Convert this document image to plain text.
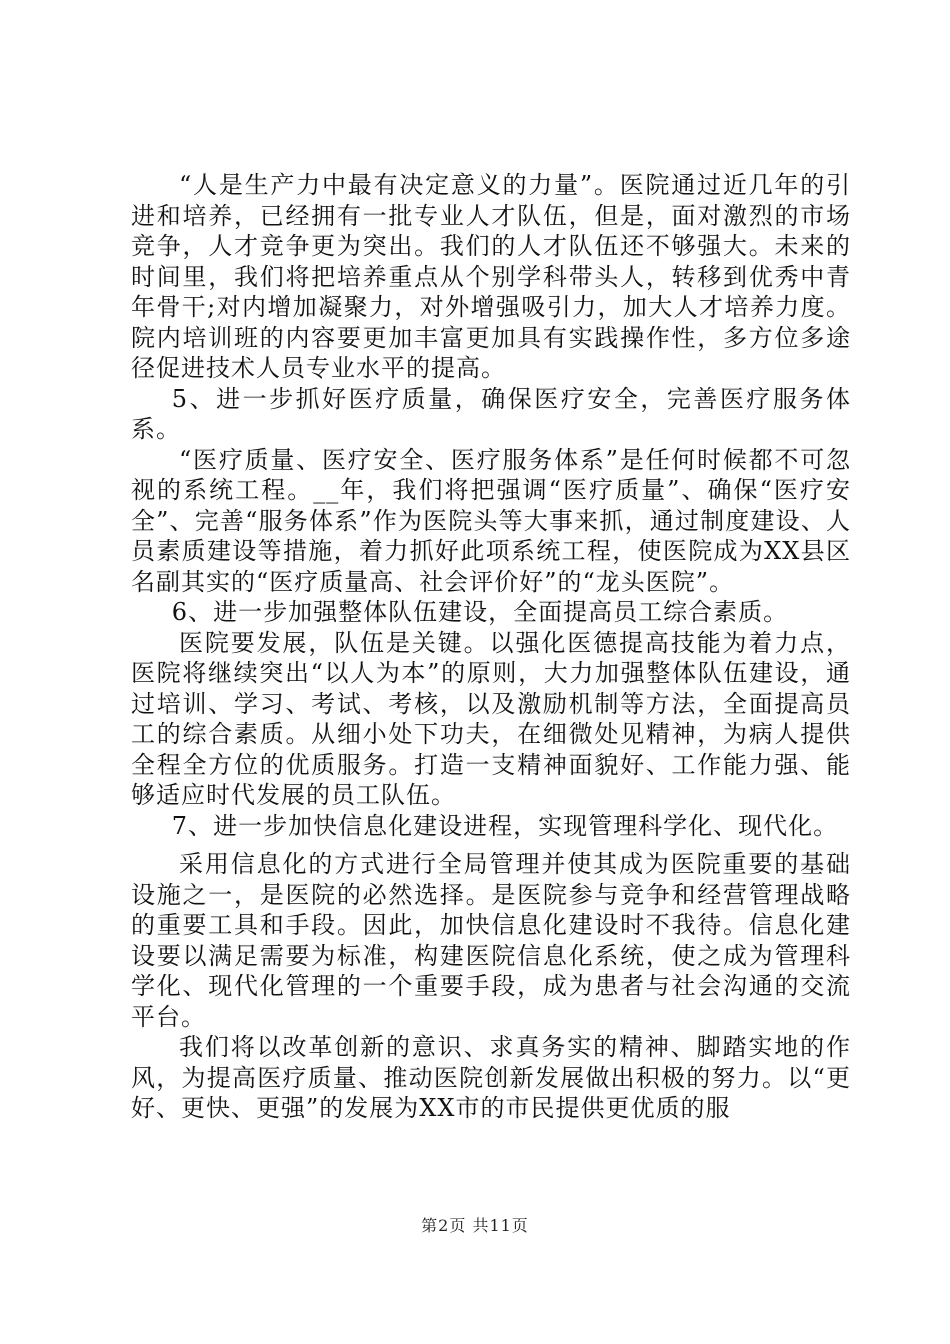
“人是生产力中最有决定意义的力量”。医院通过近几年的引进和培养，已经拥有一批专业人才队伍，但是，面对激烈的市场竞争，人才竞争更为突出。我们的人才队伍还不够强大。未来的时间里，我们将把培养重点从个别学科带头人，转移到优秀中青年骨干;对内增加凝聚力，对外增强吸引力，加大人才培养力度。院内培训班的内容要更加丰富更加具有实践操作性，多方位多途径促进技术人员专业水平的提高。

5、进一步抓好医疗质量，确保医疗安全，完善医疗服务体系。

“医疗质量、医疗安全、医疗服务体系”是任何时候都不可忽视的系统工程。__年，我们将把强调“医疗质量”、确保“医疗安全”、完善“服务体系”作为医院头等大事来抓，通过制度建设、人员素质建设等措施，着力抓好此项系统工程，使医院成为XX县区名副其实的“医疗质量高、社会评价好”的“龙头医院”。

6、进一步加强整体队伍建设，全面提高员工综合素质。

医院要发展，队伍是关键。以强化医德提高技能为着力点，医院将继续突出“以人为本”的原则，大力加强整体队伍建设，通过培训、学习、考试、考核，以及激励机制等方法，全面提高员工的综合素质。从细小处下功夫，在细微处见精神，为病人提供全程全方位的优质服务。打造一支精神面貌好、工作能力强、能够适应时代发展的员工队伍。

7、进一步加快信息化建设进程，实现管理科学化、现代化。

采用信息化的方式进行全局管理并使其成为医院重要的基础设施之一，是医院的必然选择。是医院参与竞争和经营管理战略的重要工具和手段。因此，加快信息化建设时不我待。信息化建设要以满足需要为标准，构建医院信息化系统，使之成为管理科学化、现代化管理的一个重要手段，成为患者与社会沟通的交流平台。

我们将以改革创新的意识、求真务实的精神、脚踏实地的作风，为提高医疗质量、推动医院创新发展做出积极的努力。以“更好、更快、更强”的发展为XX市的市民提供更优质的服

第2页 共11页
